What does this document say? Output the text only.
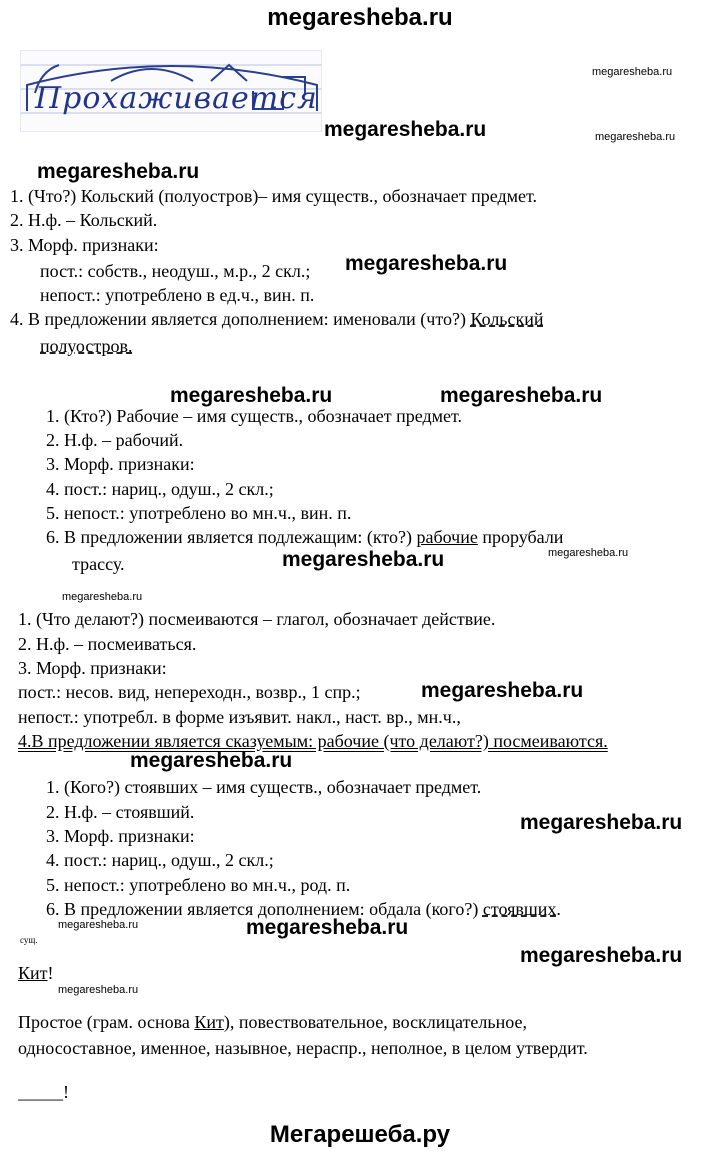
megaresheba.ru
Прохаживается
megaresheba.ru
megaresheba.ru	megaresheba.ru
megaresheba.ru
1. (Что?) Кольский (полуостров)– имя существ., обозначает предмет.
2. Н.ф. – Кольский.
3. Морф. признаки:
пост.: собств., неодуш., м.р., 2 скл.; megaresheba.ru
непост.: употреблено в ед.ч., вин. п.
4. В предложении является дополнением: именовали (что?) Кольский
полуостров.
megaresheba.ru	megaresheba.ru
1. (Кто?) Рабочие – имя существ., обозначает предмет.
2. Н.ф. – рабочий.
3. Морф. признаки:
4. пост.: нариц., одуш., 2 скл.;
5. непост.: употреблено во мн.ч., вин. п.
6. В предложении является подлежащим: (кто?) рабочие прорубали
megaresheba.ru
трассу.	megaresheba.ru
megaresheba.ru
1. (Что делают?) посмеиваются – глагол, обозначает действие.
2. Н.ф. – посмеиваться.
3. Морф. признаки:
пост.: несов. вид, непереходн., возвр., 1 спр.;	megaresheba.ru
непост.: употребл. в форме изъявит. накл., наст. вр., мн.ч.,
4.В предложении является сказуемым: рабочие (что делают?) посмеиваются.
megaresheba.ru
1. (Кого?) стоявших – имя существ., обозначает предмет.
2. Н.ф. – стоявший.	megaresheba.ru
3. Морф. признаки:
4. пост.: нариц., одуш., 2 скл.;
5. непост.: употреблено во мн.ч., род. п.
6. В предложении является дополнением: обдала (кого?) стоявших.
сущ.
megaresheba.ru	megaresheba.ru
megaresheba.ru
Кит!
megaresheba.ru
Простое (грам. основа Кит), повествовательное, восклицательное,
односоставное, именное, назывное, нераспр., неполное, в целом утвердит.
_____!
Мегарешеба.ру
